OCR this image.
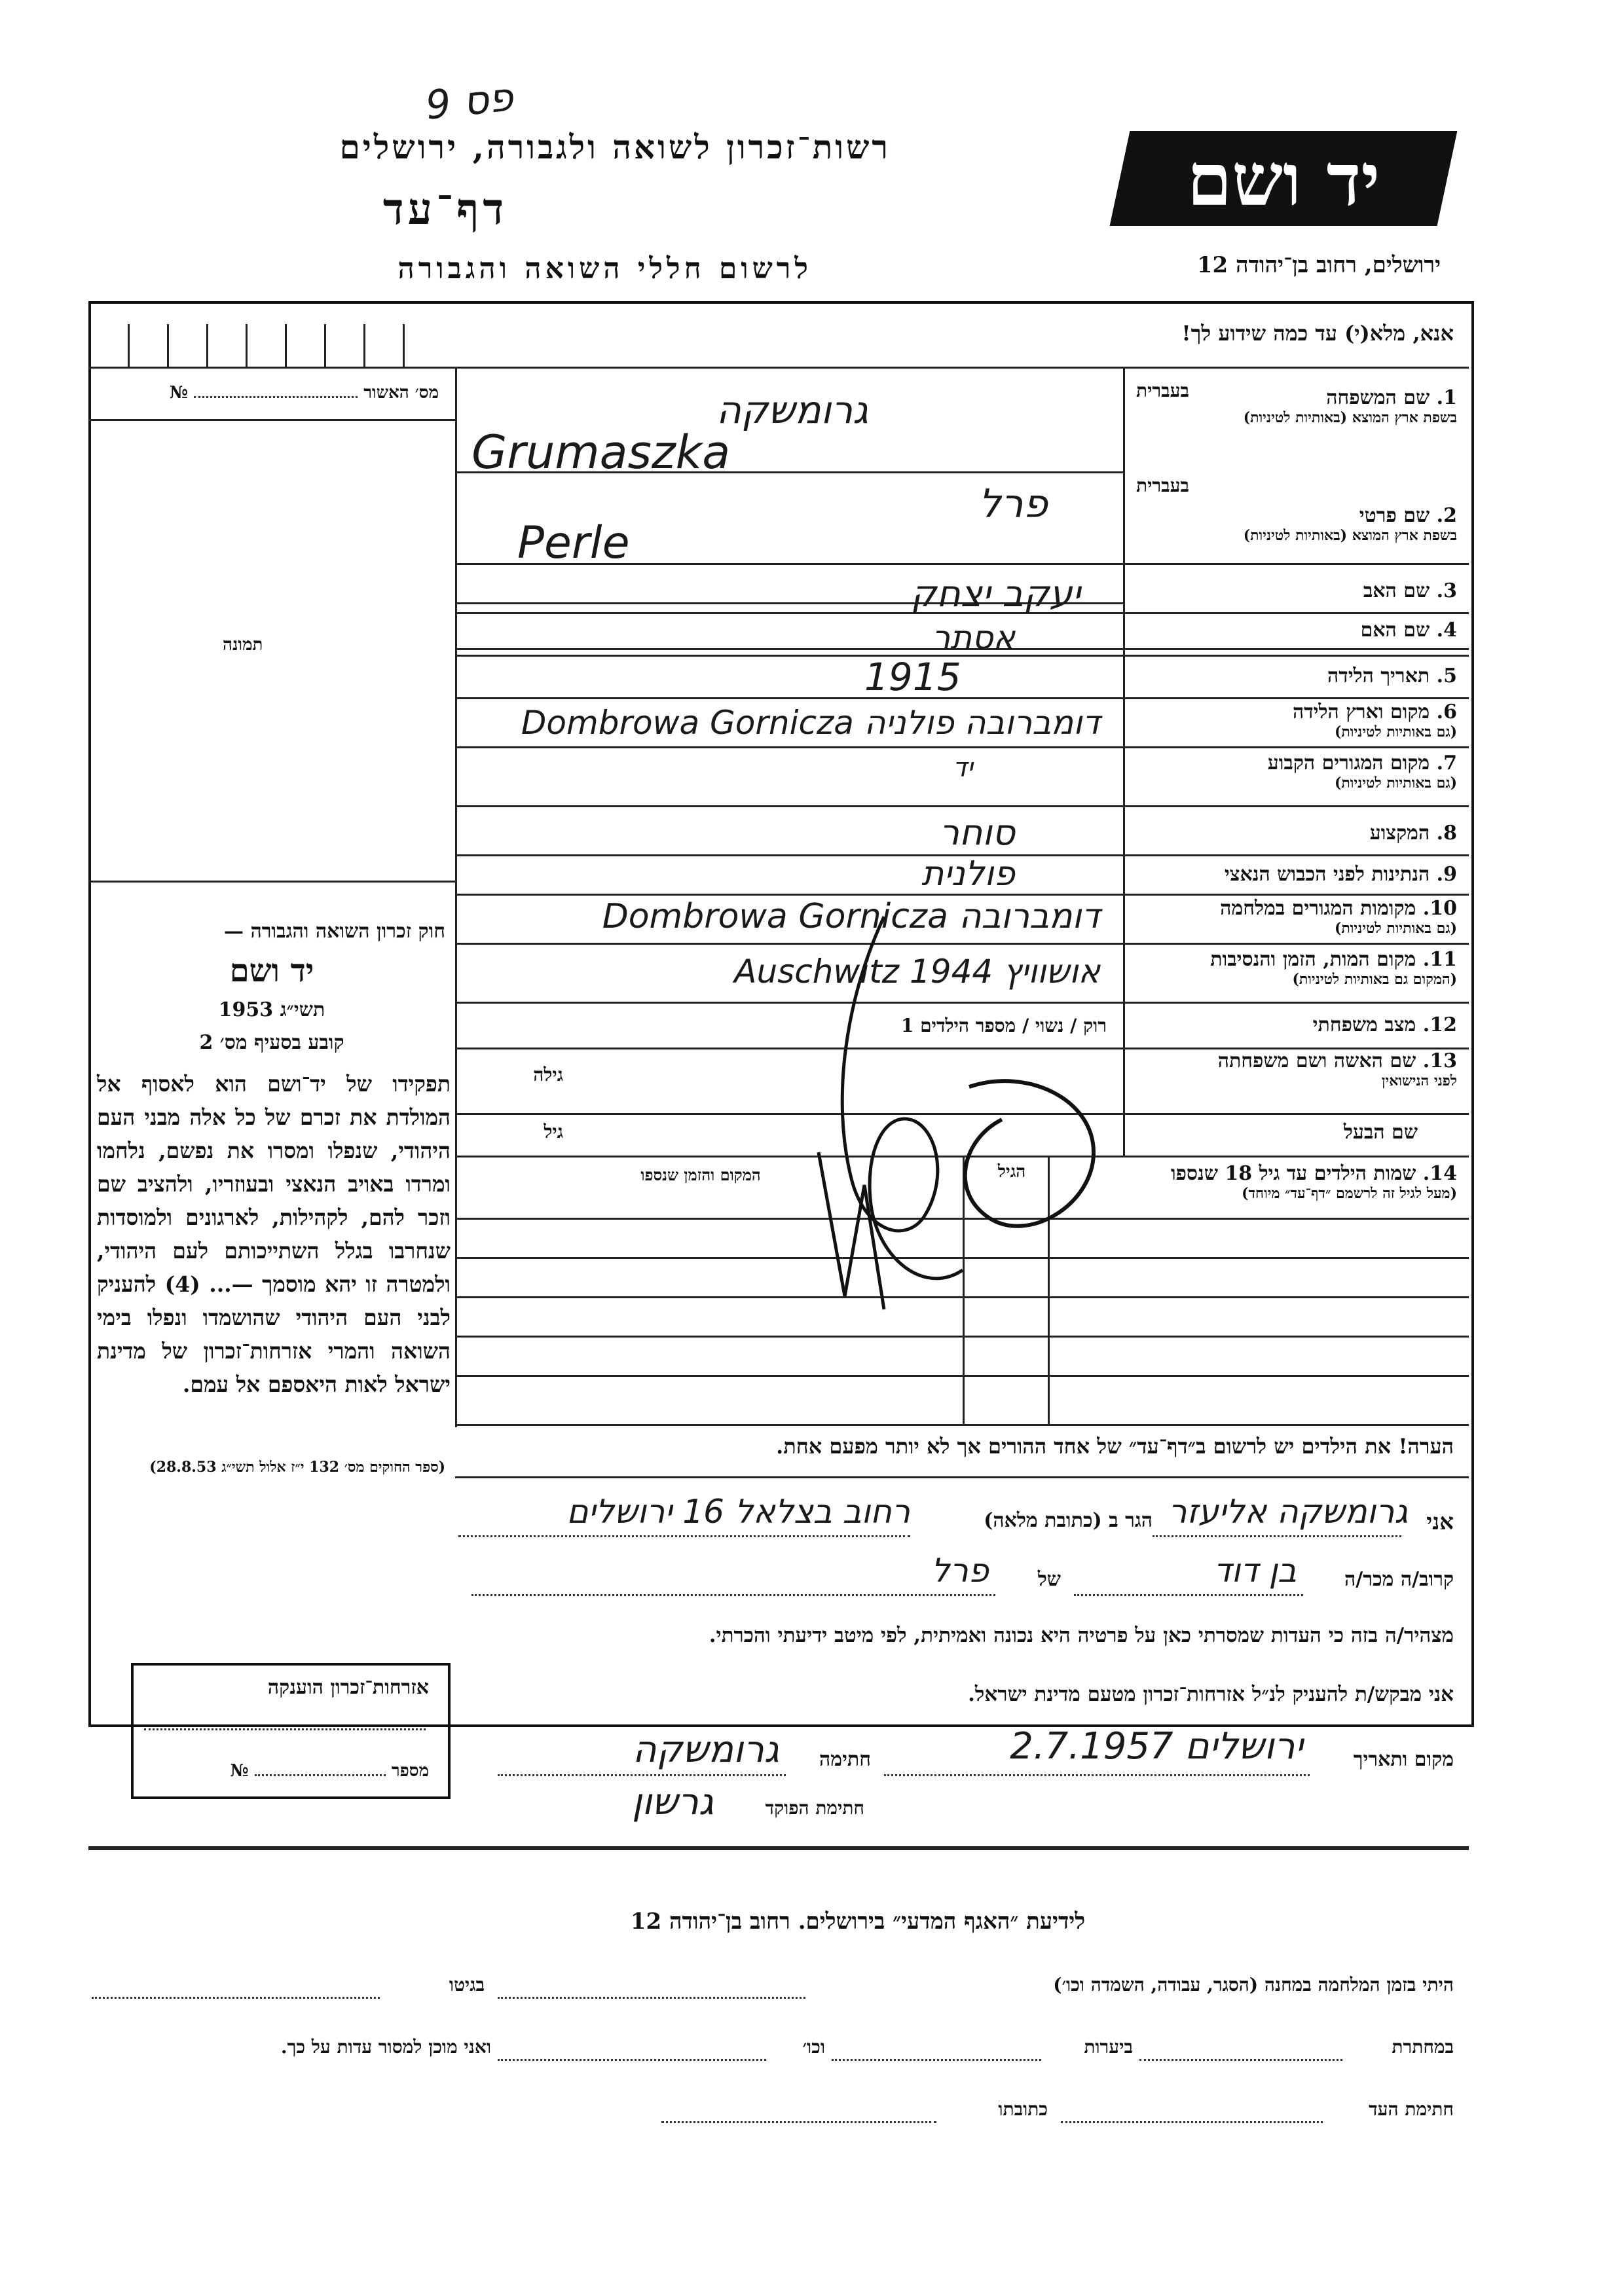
פס 9
רשות־זכרון לשואה ולגבורה, ירושלים
דף־עד
לרשום חללי השואה והגבורה
יד ושם
ירושלים, רחוב בן־יהודה 12
אנא, מלא(י) עד כמה שידוע לך!
מס׳ האשור  №
תמונה
חוק זכרון השואה והגבורה —
יד ושם
תשי״ג 1953
קובע בסעיף מס׳ 2
תפקידו של יד־ושם הוא לאסוף אל המולדת את זכרם של כל אלה מבני העם היהודי, שנפלו ומסרו את נפשם, נלחמו ומרדו באויב הנאצי ובעוזריו, ולהציב שם וזכר להם, לקהילות, לארגונים ולמוסדות שנחרבו בגלל השתייכותם לעם היהודי, ולמטרה זו יהא מוסמך —... (4) להעניק לבני העם היהודי שהושמדו ונפלו בימי השואה והמרי אזרחות־זכרון של מדינת ישראל לאות היאספם אל עמם.
(ספר החוקים מס׳ 132 י״ז אלול תשי״ג 28.8.53)
אזרחות־זכרון הוענקה
מספר  №
1. שם המשפחה
בשפת ארץ המוצא (באותיות לטיניות)
בעברית
גרומשקה
Grumaszka
2. שם פרטי
בשפת ארץ המוצא (באותיות לטיניות)
בעברית
פרל
Perle
3. שם האב
יעקב יצחק
4. שם האם
אסתר
5. תאריך הלידה
1915
6. מקום וארץ הלידה
(גם באותיות לטיניות)
דומברובה פולניה Dombrowa Gornicza
7. מקום המגורים הקבוע
(גם באותיות לטיניות)
יד
8. המקצוע
סוחר
9. הנתינות לפני הכבוש הנאצי
פולנית
10. מקומות המגורים במלחמה
(גם באותיות לטיניות)
דומברובה Dombrowa Gornicza
11. מקום המות, הזמן והנסיבות
(המקום גם באותיות לטיניות)
אושוויץ 1944 Auschwitz
12. מצב משפחתי
רוק / נשוי / מספר הילדים 1
13. שם האשה ושם משפחתה
לפני הנישואין
גילה
שם הבעל
גיל
14. שמות הילדים עד גיל 18 שנספו
(מעל לגיל זה לרשמם ״דף־עד״ מיוחד)
הגיל
המקום והזמן שנספו
הערה! את הילדים יש לרשום ב״דף־עד״ של אחד ההורים אך לא יותר מפעם אחת.
אני
גרומשקה אליעזר
הגר ב (כתובת מלאה)
רחוב בצלאל 16 ירושלים
קרוב/ה מכר/ה
בן דוד
של
פרל
מצהיר/ה בזה כי העדות שמסרתי כאן על פרטיה היא נכונה ואמיתית, לפי מיטב ידיעתי והכרתי.
אני מבקש/ת להעניק לנ״ל אזרחות־זכרון מטעם מדינת ישראל.
מקום ותאריך
ירושלים 2.7.1957
חתימה
גרומשקה
חתימת הפוקד
גרשון
לידיעת ״האגף המדעי״ בירושלים. רחוב בן־יהודה 12
היתי בזמן המלחמה במחנה (הסגר, עבודה, השמדה וכו׳)
בגיטו
במחתרת
ביערות
וכו׳
ואני מוכן למסור עדות על כך.
חתימת העד
כתובתו
